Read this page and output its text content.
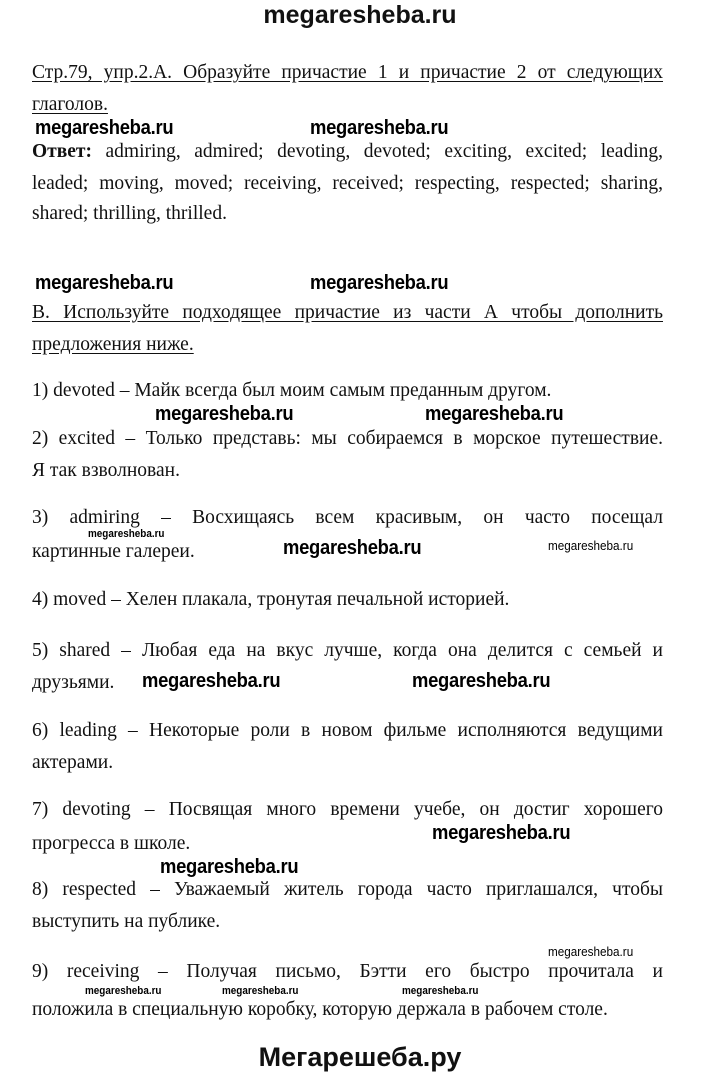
megaresheba.ru
Стр.79, упр.2.А. Образуйте причастие 1 и причастие 2 от следующих
глаголов.
megaresheba.ru	megaresheba.ru
Ответ: admiring, admired; devoting, devoted; exciting, excited; leading,
leaded; moving, moved; receiving, received; respecting, respected; sharing,
shared; thrilling, thrilled.
megaresheba.ru	megaresheba.ru
B. Используйте подходящее причастие из части А чтобы дополнить
предложения ниже.
1) devoted – Майк всегда был моим самым преданным другом.
megaresheba.ru	megaresheba.ru
2) excited – Только представь: мы собираемся в морское путешествие.
Я так взволнован.
3) admiring – Восхищаясь всем красивым, он часто посещал
megaresheba.ru
картинные галереи.	megaresheba.ru	megaresheba.ru
4) moved – Хелен плакала, тронутая печальной историей.
5) shared – Любая еда на вкус лучше, когда она делится с семьей и
друзьями. megaresheba.ru	megaresheba.ru
6) leading – Некоторые роли в новом фильме исполняются ведущими
актерами.
7) devoting – Посвящая много времени учебе, он достиг хорошего
megaresheba.ru
прогресса в школе.
megaresheba.ru
8) respected – Уважаемый житель города часто приглашался, чтобы
выступить на публике.
megaresheba.ru
9) receiving – Получая письмо, Бэтти его быстро прочитала и
megaresheba.ru	megaresheba.ru	megaresheba.ru
положила в специальную коробку, которую держала в рабочем столе.
Мегарешеба.ру
